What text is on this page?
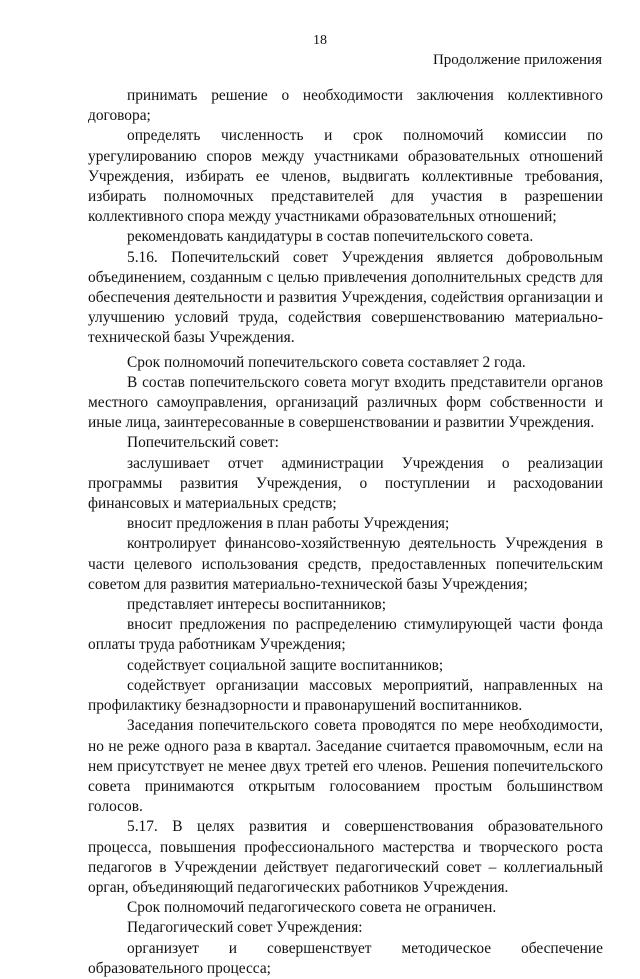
18
Продолжение приложения

принимать решение о необходимости заключения коллективного договора;

определять численность и срок полномочий комиссии по урегулированию споров между участниками образовательных отношений Учреждения, избирать ее членов, выдвигать коллективные требования, избирать полномочных представителей для участия в разрешении коллективного спора между участниками образовательных отношений;

рекомендовать кандидатуры в состав попечительского совета.

5.16. Попечительский совет Учреждения является добровольным объединением, созданным с целью привлечения дополнительных средств для обеспечения деятельности и развития Учреждения, содействия организации и улучшению условий труда, содействия совершенствованию материально-технической базы Учреждения.

Срок полномочий попечительского совета составляет 2 года.

В состав попечительского совета могут входить представители органов местного самоуправления, организаций различных форм собственности и иные лица, заинтересованные в совершенствовании и развитии Учреждения.

Попечительский совет:

заслушивает отчет администрации Учреждения о реализации программы развития Учреждения, о поступлении и расходовании финансовых и материальных средств;

вносит предложения в план работы Учреждения;

контролирует финансово-хозяйственную деятельность Учреждения в части целевого использования средств, предоставленных попечительским советом для развития материально-технической базы Учреждения;

представляет интересы воспитанников;

вносит предложения по распределению стимулирующей части фонда оплаты труда работникам Учреждения;

содействует социальной защите воспитанников;

содействует организации массовых мероприятий, направленных на профилактику безнадзорности и правонарушений воспитанников.

Заседания попечительского совета проводятся по мере необходимости, но не реже одного раза в квартал. Заседание считается правомочным, если на нем присутствует не менее двух третей его членов. Решения попечительского совета принимаются открытым голосованием простым большинством голосов.

5.17. В целях развития и совершенствования образовательного процесса, повышения профессионального мастерства и творческого роста педагогов в Учреждении действует педагогический совет – коллегиальный орган, объединяющий педагогических работников Учреждения.

Срок полномочий педагогического совета не ограничен.

Педагогический совет Учреждения:

организует и совершенствует методическое обеспечение образовательного процесса;
